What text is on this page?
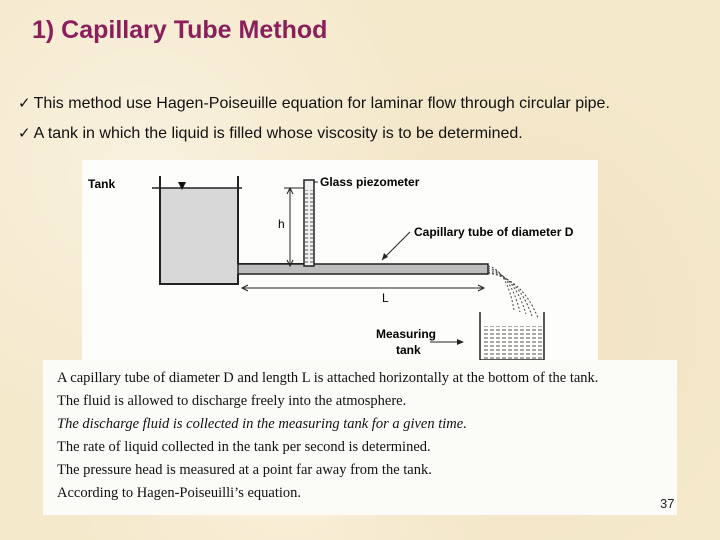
1) Capillary Tube Method
✓ This method use Hagen-Poiseuille equation for laminar flow through circular pipe.
✓ A tank in which the liquid is filled whose viscosity is to be determined.
Tank
h
Glass piezometer
Capillary tube of diameter D
L
Measuring
tank
A capillary tube of diameter D and length L is attached horizontally at the bottom of the tank.
The fluid is allowed to discharge freely into the atmosphere.
The discharge fluid is collected in the measuring tank for a given time.
The rate of liquid collected in the tank per second is determined.
The pressure head is measured at a point far away from the tank.
According to Hagen-Poiseuilli’s equation.
37
